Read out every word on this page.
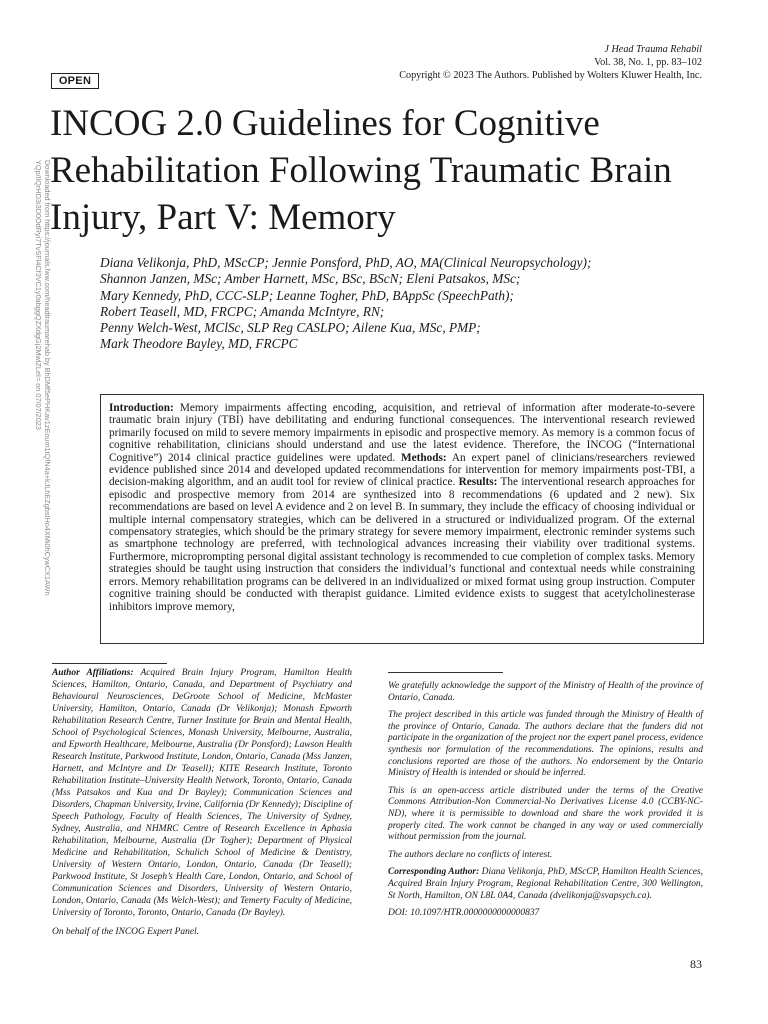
J Head Trauma Rehabil
Vol. 38, No. 1, pp. 83–102
Copyright © 2023 The Authors. Published by Wolters Kluwer Health, Inc.
OPEN
INCOG 2.0 Guidelines for Cognitive Rehabilitation Following Traumatic Brain Injury, Part V: Memory
Diana Velikonja, PhD, MScCP; Jennie Ponsford, PhD, AO, MA(Clinical Neuropsychology);
Shannon Janzen, MSc; Amber Harnett, MSc, BSc, BScN; Eleni Patsakos, MSc;
Mary Kennedy, PhD, CCC-SLP; Leanne Togher, PhD, BAppSc (SpeechPath);
Robert Teasell, MD, FRCPC; Amanda McIntyre, RN;
Penny Welch-West, MClSc, SLP Reg CASLPO; Ailene Kua, MSc, PMP;
Mark Theodore Bayley, MD, FRCPC
Downloaded from https://journals.lww.com/headtraumarehab by BhDMf5ePHKav1zEoum1tQfN4a+kJLhEZgbsIHo4XMi0hCywCX1AWnYQp/IlQrHD3i3D0OdRyi7TvSFl4Cf3VC1y0abggQZXdgGj2MwlZLeI= on 07/07/2023	Introduction: Memory impairments affecting encoding, acquisition, and retrieval of information after moderate-to-severe traumatic brain injury (TBI) have debilitating and enduring functional consequences. The interventional research reviewed primarily focused on mild to severe memory impairments in episodic and prospective memory. As memory is a common focus of cognitive rehabilitation, clinicians should understand and use the latest evidence. Therefore, the INCOG (“International Cognitive”) 2014 clinical practice guidelines were updated. Methods: An expert panel of clinicians/researchers reviewed evidence published since 2014 and developed updated recommendations for intervention for memory impairments post-TBI, a decision-making algorithm, and an audit tool for review of clinical practice. Results: The interventional research approaches for episodic and prospective memory from 2014 are synthesized into 8 recommendations (6 updated and 2 new). Six recommendations are based on level A evidence and 2 on level B. In summary, they include the efficacy of choosing individual or multiple internal compensatory strategies, which can be delivered in a structured or individualized program. Of the external compensatory strategies, which should be the primary strategy for severe memory impairment, electronic reminder systems such as smartphone technology are preferred, with technological advances increasing their viability over traditional systems. Furthermore, microprompting personal digital assistant technology is recommended to cue completion of complex tasks. Memory strategies should be taught using instruction that considers the individual’s functional and contextual needs while constraining errors. Memory rehabilitation programs can be delivered in an individualized or mixed format using group instruction. Computer cognitive training should be conducted with therapist guidance. Limited evidence exists to suggest that acetylcholinesterase inhibitors improve memory,

Author Affiliations: Acquired Brain Injury Program, Hamilton Health Sciences, Hamilton, Ontario, Canada, and Department of Psychiatry and Behavioural Neurosciences, DeGroote School of Medicine, McMaster University, Hamilton, Ontario, Canada (Dr Velikonja); Monash Epworth Rehabilitation Research Centre, Turner Institute for Brain and Mental Health, School of Psychological Sciences, Monash University, Melbourne, Australia, and Epworth Healthcare, Melbourne, Australia (Dr Ponsford); Lawson Health Research Institute, Parkwood Institute, London, Ontario, Canada (Mss Janzen, Harnett, and McIntyre and Dr Teasell); KITE Research Institute, Toronto Rehabilitation Institute–University Health Network, Toronto, Ontario, Canada (Mss Patsakos and Kua and Dr Bayley); Communication Sciences and Disorders, Chapman University, Irvine, California (Dr Kennedy); Discipline of Speech Pathology, Faculty of Health Sciences, The University of Sydney, Sydney, Australia, and NHMRC Centre of Research Excellence in Aphasia Rehabilitation, Melbourne, Australia (Dr Togher); Department of Physical Medicine and Rehabilitation, Schulich School of Medicine & Dentistry, University of Western Ontario, London, Ontario, Canada (Dr Teasell); Parkwood Institute, St Joseph’s Health Care, London, Ontario, and School of Communication Sciences and Disorders, University of Western Ontario, London, Ontario, Canada (Ms Welch-West); and Temerty Faculty of Medicine, University of Toronto, Toronto, Ontario, Canada (Dr Bayley).

On behalf of the INCOG Expert Panel.

We gratefully acknowledge the support of the Ministry of Health of the province of Ontario, Canada.

The project described in this article was funded through the Ministry of Health of the province of Ontario, Canada. The authors declare that the funders did not participate in the organization of the project nor the expert panel process, evidence synthesis nor formulation of the recommendations. The opinions, results and conclusions reported are those of the authors. No endorsement by the Ontario Ministry of Health is intended or should be inferred.

This is an open-access article distributed under the terms of the Creative Commons Attribution-Non Commercial-No Derivatives License 4.0 (CCBY-NC-ND), where it is permissible to download and share the work provided it is properly cited. The work cannot be changed in any way or used commercially without permission from the journal.

The authors declare no conflicts of interest.

Corresponding Author: Diana Velikonja, PhD, MScCP, Hamilton Health Sciences, Acquired Brain Injury Program, Regional Rehabilitation Centre, 300 Wellington, St North, Hamilton, ON L8L 0A4, Canada (dvelikonja@svapsych.ca).

DOI: 10.1097/HTR.0000000000000837

83
